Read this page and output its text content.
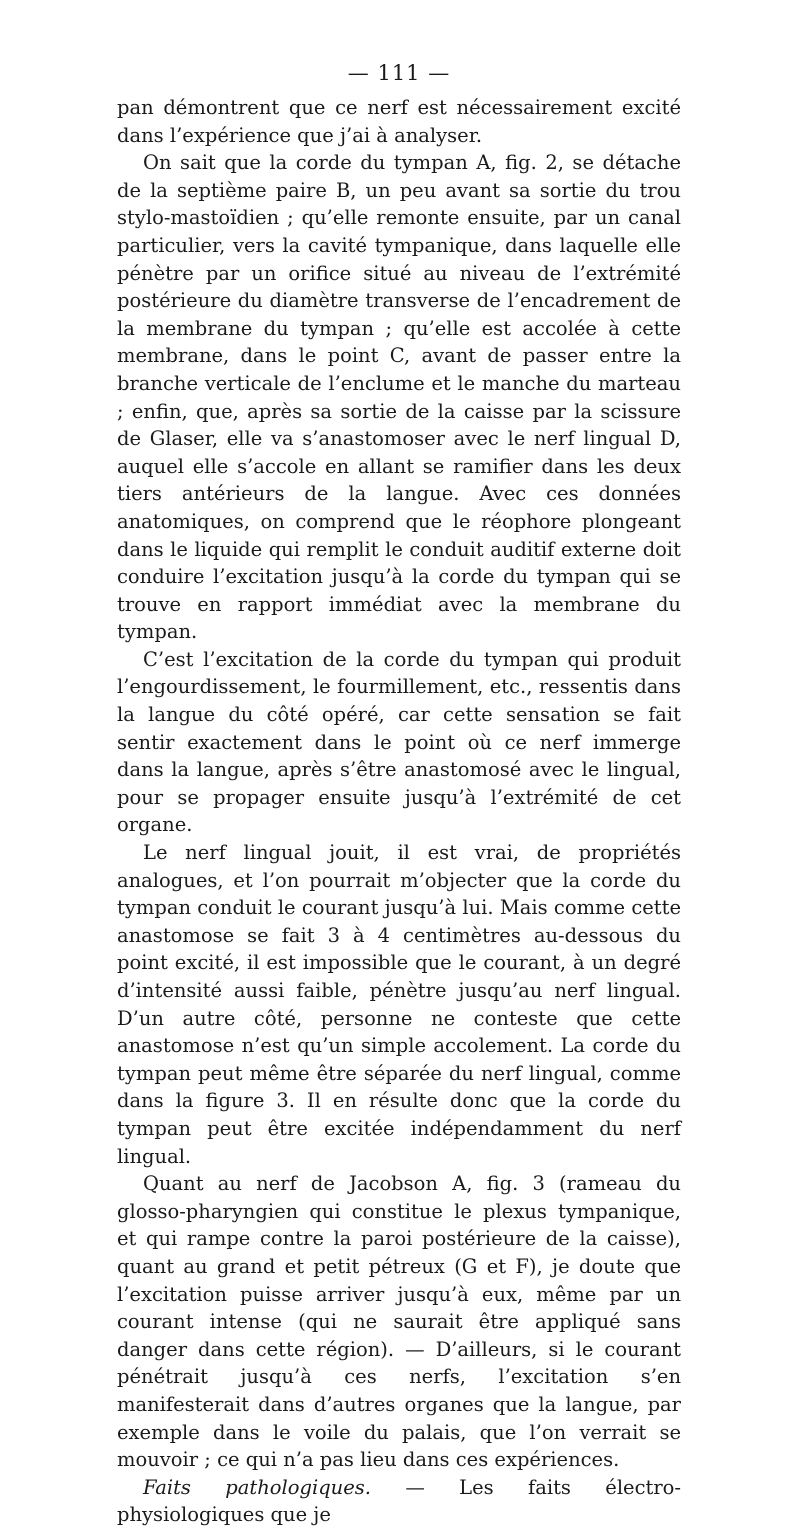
— 111 —

pan démontrent que ce nerf est nécessairement excité dans l’expérience que j’ai à analyser.

On sait que la corde du tympan A, fig. 2, se détache de la septième paire B, un peu avant sa sortie du trou stylo-mastoïdien ; qu’elle remonte ensuite, par un canal particulier, vers la cavité tympanique, dans laquelle elle pénètre par un orifice situé au niveau de l’extrémité postérieure du diamètre transverse de l’encadrement de la membrane du tympan ; qu’elle est accolée à cette membrane, dans le point C, avant de passer entre la branche verticale de l’enclume et le manche du marteau ; enfin, que, après sa sortie de la caisse par la scissure de Glaser, elle va s’anastomoser avec le nerf lingual D, auquel elle s’accole en allant se ramifier dans les deux tiers antérieurs de la langue. Avec ces données anatomiques, on comprend que le réophore plongeant dans le liquide qui remplit le conduit auditif externe doit conduire l’excitation jusqu’à la corde du tympan qui se trouve en rapport immédiat avec la membrane du tympan.

C’est l’excitation de la corde du tympan qui produit l’engourdissement, le fourmillement, etc., ressentis dans la langue du côté opéré, car cette sensation se fait sentir exactement dans le point où ce nerf immerge dans la langue, après s’être anastomosé avec le lingual, pour se propager ensuite jusqu’à l’extrémité de cet organe.

Le nerf lingual jouit, il est vrai, de propriétés analogues, et l’on pourrait m’objecter que la corde du tympan conduit le courant jusqu’à lui. Mais comme cette anastomose se fait 3 à 4 centimètres au-dessous du point excité, il est impossible que le courant, à un degré d’intensité aussi faible, pénètre jusqu’au nerf lingual. D’un autre côté, personne ne conteste que cette anastomose n’est qu’un simple accolement. La corde du tympan peut même être séparée du nerf lingual, comme dans la figure 3. Il en résulte donc que la corde du tympan peut être excitée indépendamment du nerf lingual.

Quant au nerf de Jacobson A, fig. 3 (rameau du glosso-pharyngien qui constitue le plexus tympanique, et qui rampe contre la paroi postérieure de la caisse), quant au grand et petit pétreux (G et F), je doute que l’excitation puisse arriver jusqu’à eux, même par un courant intense (qui ne saurait être appliqué sans danger dans cette région). — D’ailleurs, si le courant pénétrait jusqu’à ces nerfs, l’excitation s’en manifesterait dans d’autres organes que la langue, par exemple dans le voile du palais, que l’on verrait se mouvoir ; ce qui n’a pas lieu dans ces expériences.

Faits pathologiques. — Les faits électro-physiologiques que je
